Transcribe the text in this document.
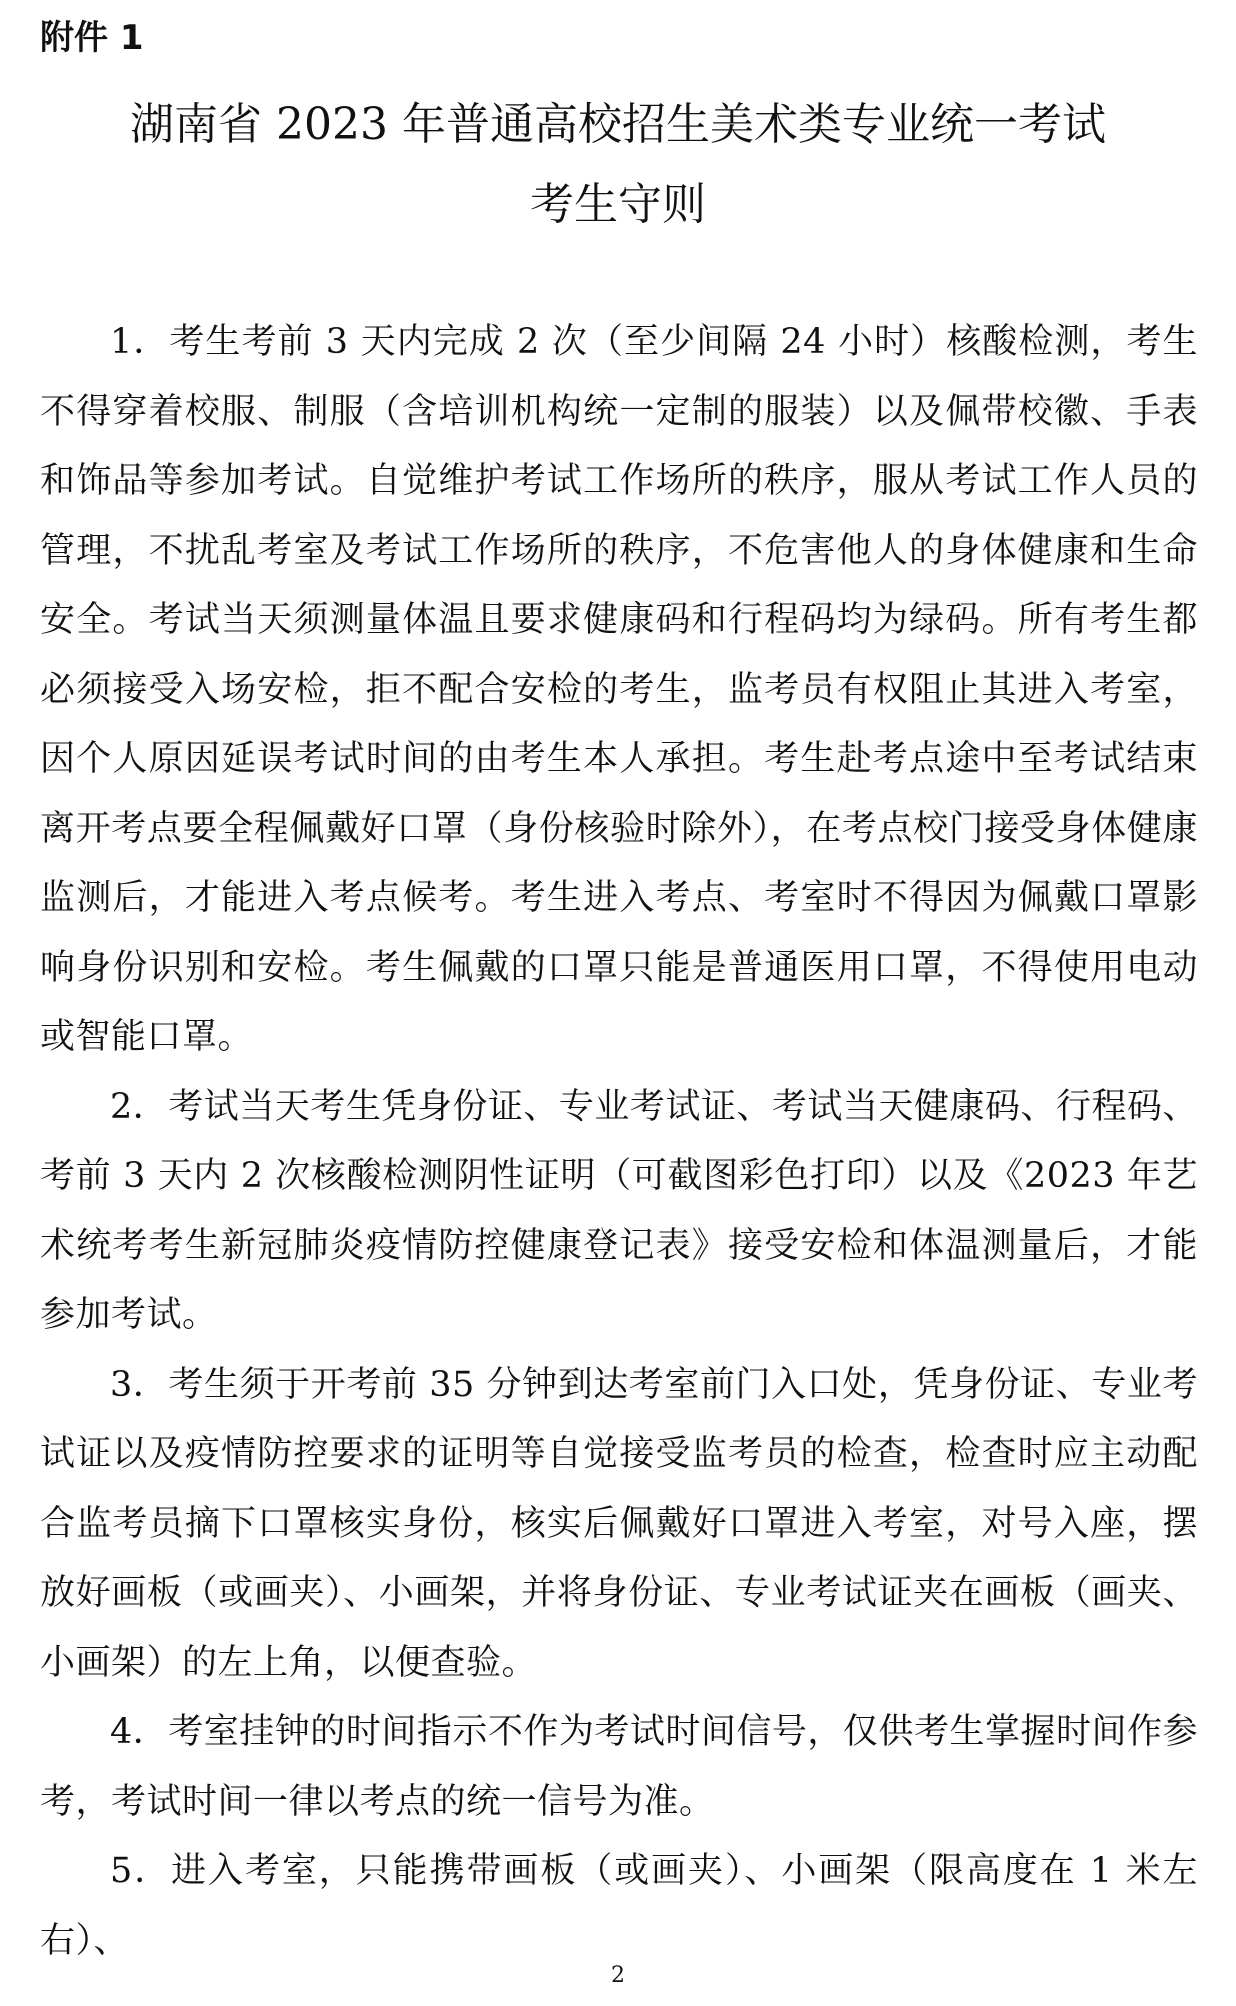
附件 1

湖南省 2023 年普通高校招生美术类专业统一考试
考生守则

1．考生考前 3 天内完成 2 次（至少间隔 24 小时）核酸检测，考生不得穿着校服、制服（含培训机构统一定制的服装）以及佩带校徽、手表和饰品等参加考试。自觉维护考试工作场所的秩序，服从考试工作人员的管理，不扰乱考室及考试工作场所的秩序，不危害他人的身体健康和生命安全。考试当天须测量体温且要求健康码和行程码均为绿码。所有考生都必须接受入场安检，拒不配合安检的考生，监考员有权阻止其进入考室，因个人原因延误考试时间的由考生本人承担。考生赴考点途中至考试结束离开考点要全程佩戴好口罩（身份核验时除外），在考点校门接受身体健康监测后，才能进入考点候考。考生进入考点、考室时不得因为佩戴口罩影响身份识别和安检。考生佩戴的口罩只能是普通医用口罩，不得使用电动或智能口罩。

2．考试当天考生凭身份证、专业考试证、考试当天健康码、行程码、考前 3 天内 2 次核酸检测阴性证明（可截图彩色打印）以及《2023 年艺术统考考生新冠肺炎疫情防控健康登记表》接受安检和体温测量后，才能参加考试。

3．考生须于开考前 35 分钟到达考室前门入口处，凭身份证、专业考试证以及疫情防控要求的证明等自觉接受监考员的检查，检查时应主动配合监考员摘下口罩核实身份，核实后佩戴好口罩进入考室，对号入座，摆放好画板（或画夹）、小画架，并将身份证、专业考试证夹在画板（画夹、小画架）的左上角，以便查验。

4．考室挂钟的时间指示不作为考试时间信号，仅供考生掌握时间作参考，考试时间一律以考点的统一信号为准。

5．进入考室，只能携带画板（或画夹）、小画架（限高度在 1 米左右）、

2
